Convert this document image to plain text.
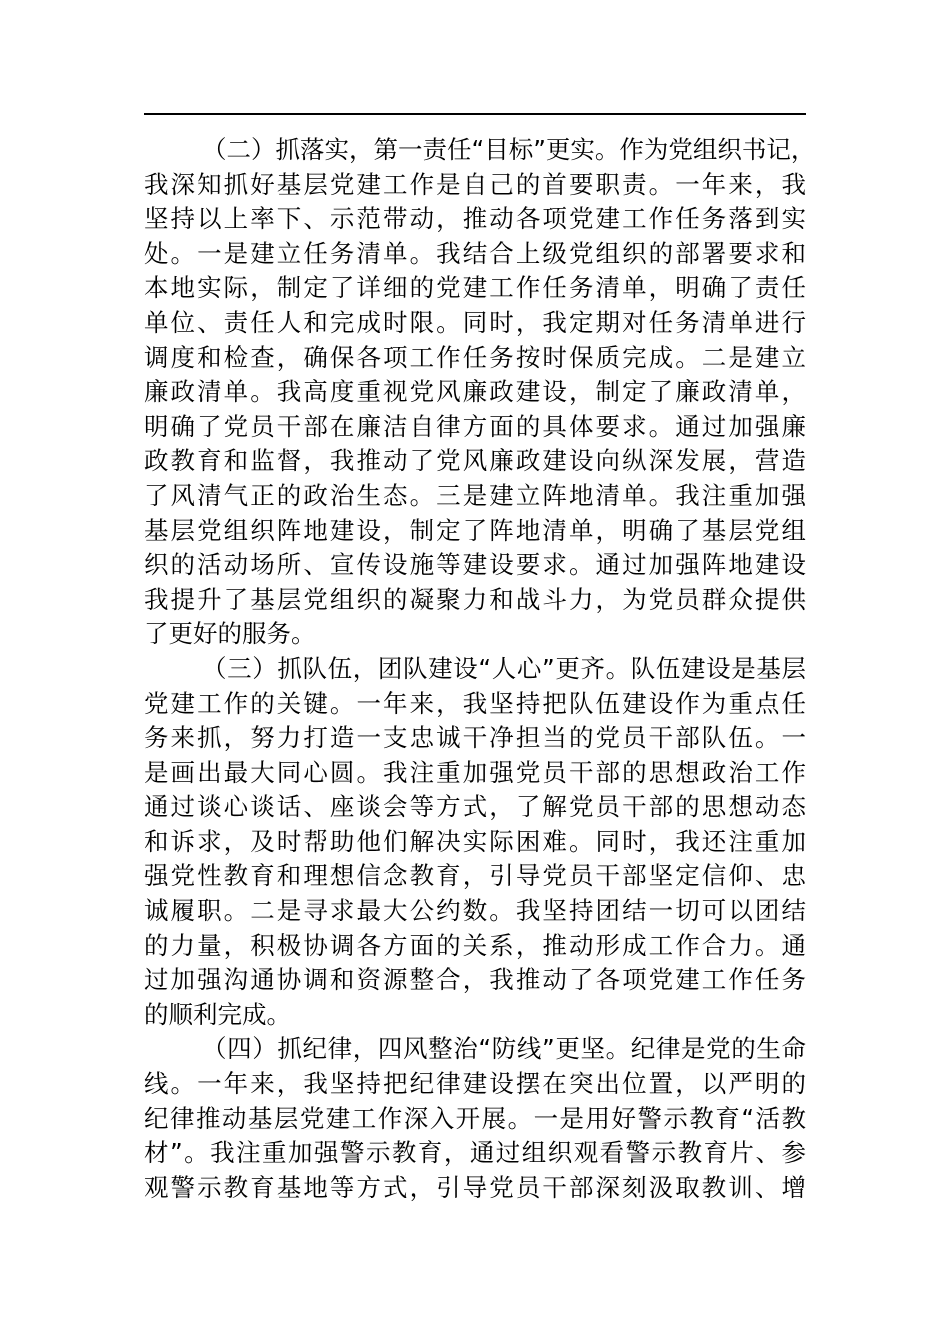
（二）抓落实，第一责任“目标”更实。作为党组织书记，
我深知抓好基层党建工作是自己的首要职责。一年来，我
坚持以上率下、示范带动，推动各项党建工作任务落到实
处。一是建立任务清单。我结合上级党组织的部署要求和
本地实际，制定了详细的党建工作任务清单，明确了责任
单位、责任人和完成时限。同时，我定期对任务清单进行
调度和检查，确保各项工作任务按时保质完成。二是建立
廉政清单。我高度重视党风廉政建设，制定了廉政清单，
明确了党员干部在廉洁自律方面的具体要求。通过加强廉
政教育和监督，我推动了党风廉政建设向纵深发展，营造
了风清气正的政治生态。三是建立阵地清单。我注重加强
基层党组织阵地建设，制定了阵地清单，明确了基层党组
织的活动场所、宣传设施等建设要求。通过加强阵地建设
我提升了基层党组织的凝聚力和战斗力，为党员群众提供
了更好的服务。
（三）抓队伍，团队建设“人心”更齐。队伍建设是基层
党建工作的关键。一年来，我坚持把队伍建设作为重点任
务来抓，努力打造一支忠诚干净担当的党员干部队伍。一
是画出最大同心圆。我注重加强党员干部的思想政治工作
通过谈心谈话、座谈会等方式，了解党员干部的思想动态
和诉求，及时帮助他们解决实际困难。同时，我还注重加
强党性教育和理想信念教育，引导党员干部坚定信仰、忠
诚履职。二是寻求最大公约数。我坚持团结一切可以团结
的力量，积极协调各方面的关系，推动形成工作合力。通
过加强沟通协调和资源整合，我推动了各项党建工作任务
的顺利完成。
（四）抓纪律，四风整治“防线”更坚。纪律是党的生命
线。一年来，我坚持把纪律建设摆在突出位置，以严明的
纪律推动基层党建工作深入开展。一是用好警示教育“活教
材”。我注重加强警示教育，通过组织观看警示教育片、参
观警示教育基地等方式，引导党员干部深刻汲取教训、增
